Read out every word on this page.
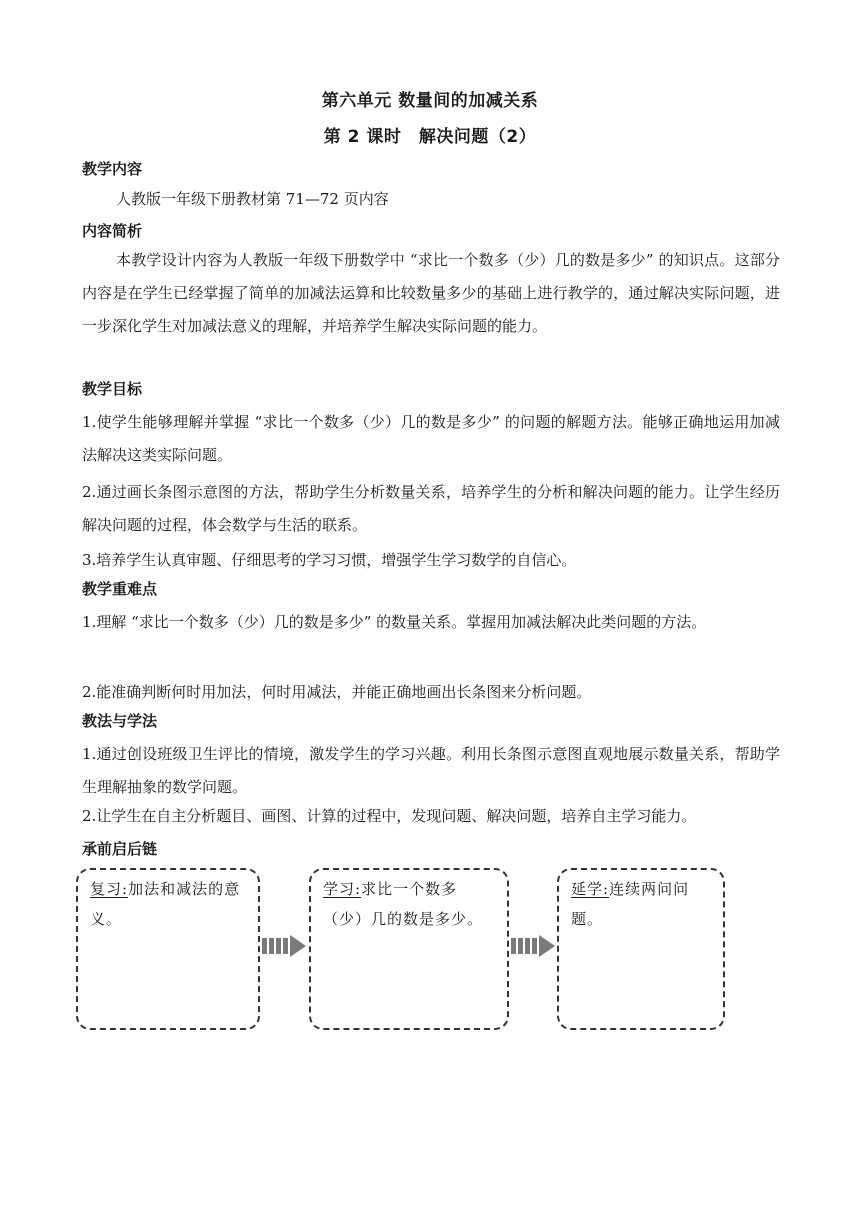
第六单元 数量间的加减关系
第 2 课时　解决问题（2）
教学内容
人教版一年级下册教材第 71—72 页内容
内容简析
本教学设计内容为人教版一年级下册数学中 “求比一个数多（少）几的数是多少” 的知识点。这部分内容是在学生已经掌握了简单的加减法运算和比较数量多少的基础上进行教学的，通过解决实际问题，进一步深化学生对加减法意义的理解，并培养学生解决实际问题的能力。
教学目标
1.使学生能够理解并掌握 “求比一个数多（少）几的数是多少” 的问题的解题方法。能够正确地运用加减法解决这类实际问题。
2.通过画长条图示意图的方法，帮助学生分析数量关系，培养学生的分析和解决问题的能力。让学生经历解决问题的过程，体会数学与生活的联系。
3.培养学生认真审题、仔细思考的学习习惯，增强学生学习数学的自信心。
教学重难点
1.理解 “求比一个数多（少）几的数是多少” 的数量关系。掌握用加减法解决此类问题的方法。
2.能准确判断何时用加法，何时用减法，并能正确地画出长条图来分析问题。
教法与学法
1.通过创设班级卫生评比的情境，激发学生的学习兴趣。利用长条图示意图直观地展示数量关系，帮助学生理解抽象的数学问题。
2.让学生在自主分析题目、画图、计算的过程中，发现问题、解决问题，培养自主学习能力。
承前启后链
复习:加法和减法的意义。
学习:求比一个数多（少）几的数是多少。
延学:连续两问问题。
